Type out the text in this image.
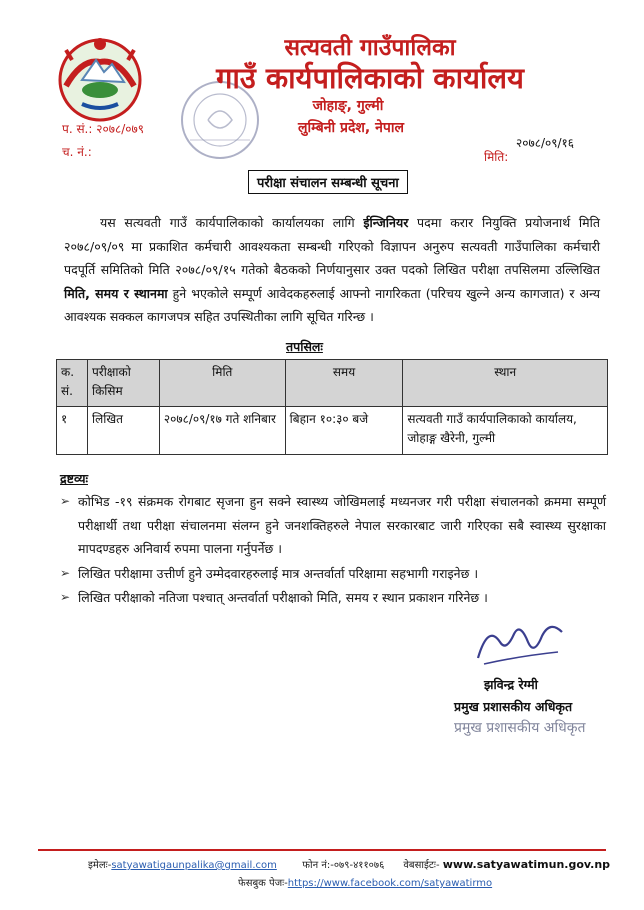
सत्यवती गाउँपालिका
गाउँ कार्यपालिकाको कार्यालय
जोहाङ्, गुल्मी
लुम्बिनी प्रदेश, नेपाल
प. सं.: २०७८/०७९
च. नं.:
२०७८/०९/१६
मिति:
परीक्षा संचालन सम्बन्धी सूचना
यस सत्यवती गाउँ कार्यपालिकाको कार्यालयका लागि ईन्जिनियर पदमा करार नियुक्ति प्रयोजनार्थ मिति २०७८/०९/०९ मा प्रकाशित कर्मचारी आवश्यकता सम्बन्धी गरिएको विज्ञापन अनुरुप सत्यवती गाउँपालिका कर्मचारी पदपूर्ति समितिको मिति २०७८/०९/१५ गतेको बैठकको निर्णयानुसार उक्त पदको लिखित परीक्षा तपसिलमा उल्लिखित मिति, समय र स्थानमा हुने भएकोले सम्पूर्ण आवेदकहरुलाई आफ्नो नागरिकता (परिचय खुल्ने अन्य कागजात) र अन्य आवश्यक सक्कल कागजपत्र सहित उपस्थितीका लागि सूचित गरिन्छ ।
तपसिलः
क. सं.	परीक्षाको किसिम	मिति	समय	स्थान
१	लिखित	२०७८/०९/१७ गते शनिबार	बिहान १०:३० बजे	सत्यवती गाउँ कार्यपालिकाको कार्यालय, जोहाङ्ग खैरेनी, गुल्मी
द्रष्टव्यः
➢ कोभिड -१९ संक्रमक रोगबाट सृजना हुन सक्ने स्वास्थ्य जोखिमलाई मध्यनजर गरी परीक्षा संचालनको क्रममा सम्पूर्ण परीक्षार्थी तथा परीक्षा संचालनमा संलग्न हुने जनशक्तिहरुले नेपाल सरकारबाट जारी गरिएका सबै स्वास्थ्य सुरक्षाका मापदण्डहरु अनिवार्य रुपमा पालना गर्नुपर्नेछ ।
➢ लिखित परीक्षामा उत्तीर्ण हुने उम्मेदवारहरुलाई मात्र अन्तर्वार्ता परिक्षामा सहभागी गराइनेछ ।
➢ लिखित परीक्षाको नतिजा पश्चात् अन्तर्वार्ता परीक्षाको मिति, समय र स्थान प्रकाशन गरिनेछ ।
झविन्द्र रेग्मी
प्रमुख प्रशासकीय अधिकृत
प्रमुख प्रशासकीय अधिकृत
इमेलः-satyawatigaunpalika@gmail.com	फोन नं:-०७९-४११०७६ वेबसाईटः- www.satyawatimun.gov.np
फेसबुक पेजः-https://www.facebook.com/satyawatirmo
